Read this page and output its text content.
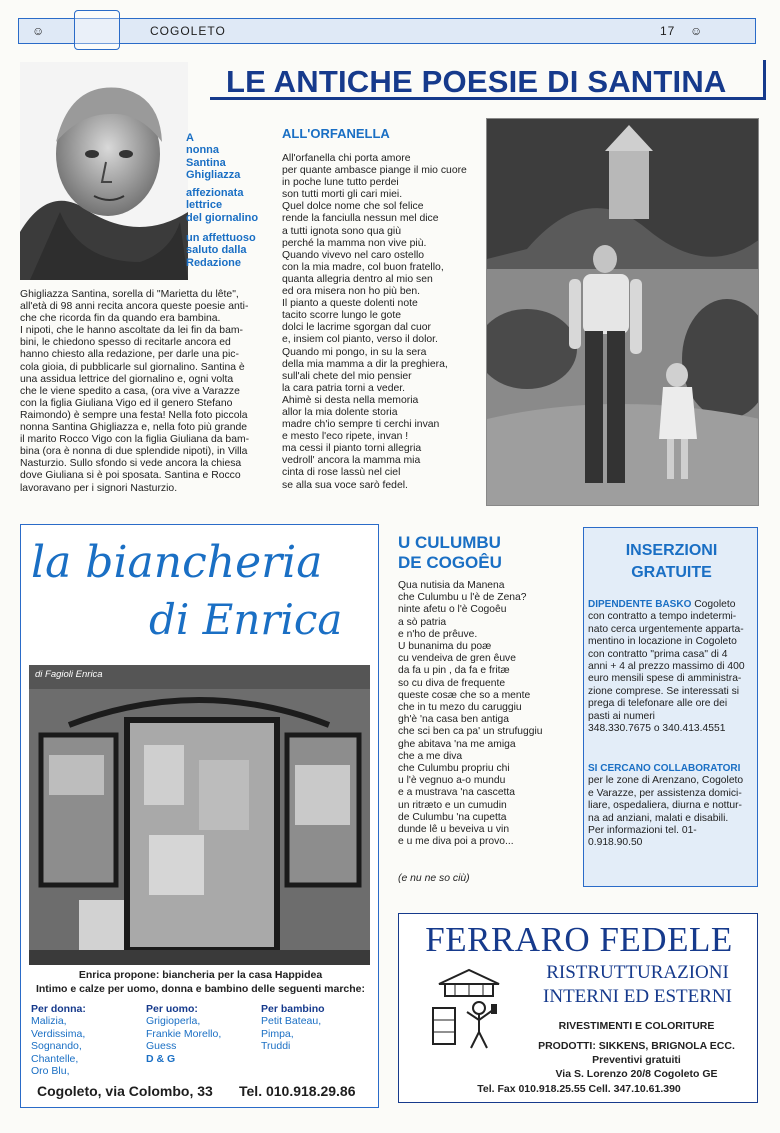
☺	COGOLETO	17 ☺
LE ANTICHE POESIE DI SANTINA
A
nonna
Santina
Ghigliazza
affezionata
lettrice
del giornalino
un affettuoso
saluto dalla
Redazione
Ghigliazza Santina, sorella di "Marietta du lête",
all'età di 98 anni recita ancora queste poesie anti-
che che ricorda fin da quando era bambina.
I nipoti, che le hanno ascoltate da lei fin da bam-
bini, le chiedono spesso di recitarle ancora ed
hanno chiesto alla redazione, per darle una pic-
cola gioia, di pubblicarle sul giornalino. Santina è
una assidua lettrice del giornalino e, ogni volta
che le viene spedito a casa, (ora vive a Varazze
con la figlia Giuliana Vigo ed il genero Stefano
Raimondo) è sempre una festa! Nella foto piccola
nonna Santina Ghigliazza e, nella foto più grande
il marito Rocco Vigo con la figlia Giuliana da bam-
bina (ora è nonna di due splendide nipoti), in Villa
Nasturzio. Sullo sfondo si vede ancora la chiesa
dove Giuliana si è poi sposata. Santina e Rocco
lavoravano per i signori Nasturzio.
ALL'ORFANELLA
All'orfanella chi porta amore
per quante ambasce piange il mio cuore
in poche lune tutto perdei
son tutti morti gli cari miei.
Quel dolce nome che sol felice
rende la fanciulla nessun mel dice
a tutti ignota sono qua giù
perché la mamma non vive più.
Quando vivevo nel caro ostello
con la mia madre, col buon fratello,
quanta allegria dentro al mio sen
ed ora misera non ho più ben.
Il pianto a queste dolenti note
tacito scorre lungo le gote
dolci le lacrime sgorgan dal cuor
e, insiem col pianto, verso il dolor.
Quando mi pongo, in su la sera
della mia mamma a dir la preghiera,
sull'ali chete del mio pensier
la cara patria torni a veder.
Ahimè si desta nella memoria
allor la mia dolente storia
madre ch'io sempre ti cerchi invan
e mesto l'eco ripete, invan !
ma cessi il pianto torni allegria
vedroll' ancora la mamma mia
cinta di rose lassù nel ciel
se alla sua voce sarò fedel.
la biancheria
di Enrica
di Fagioli Enrica
Enrica propone: biancheria per la casa Happidea
Intimo e calze per uomo, donna e bambino delle seguenti marche:
Per donna:
Malizia,
Verdissima,
Sognando,
Chantelle,
Oro Blu,
Per uomo:
Grigioperla,
Frankie Morello,
Guess
D & G
Per bambino
Petit Bateau,
Pimpa,
Truddi
Cogoleto, via Colombo, 33 Tel. 010.918.29.86
U CULUMBU
DE COGOÊU
Qua nutisia da Manena
che Culumbu u l'è de Zena?
ninte afetu o l'è Cogoêu
a sò patria
e n'ho de prêuve.
U bunanima du poæ
cu vendeiva de gren êuve
da fa u pin , da fa e fritæ
so cu diva de frequente
queste cosæ che so a mente
che in tu mezo du caruggiu
gh'è 'na casa ben antiga
che sci ben ca pa' un strufuggiu
ghe abitava 'na me amiga
che a me diva
che Culumbu propriu chi
u l'è vegnuo a-o mundu
e a mustrava 'na cascetta
un ritræto e un cumudin
de Culumbu 'na cupetta
dunde lê u beveiva u vin
e u me diva poi a provo...
(e nu ne so ciù)
INSERZIONI
GRATUITE
DIPENDENTE BASKO Cogoleto
con contratto a tempo indetermi-
nato cerca urgentemente apparta-
mentino in locazione in Cogoleto
con contratto "prima casa" di 4
anni + 4 al prezzo massimo di 400
euro mensili spese di amministra-
zione comprese. Se interessati si
prega di telefonare alle ore dei
pasti ai numeri
348.330.7675 o 340.413.4551
SI CERCANO COLLABORATORI
per le zone di Arenzano, Cogoleto
e Varazze, per assistenza domici-
liare, ospedaliera, diurna e nottur-
na ad anziani, malati e disabili.
Per informazioni tel. 01-
0.918.90.50
FERRARO FEDELE
RISTRUTTURAZIONI
INTERNI ED ESTERNI
RIVESTIMENTI E COLORITURE
PRODOTTI: SIKKENS, BRIGNOLA ECC.
Preventivi gratuiti
Via S. Lorenzo 20/8 Cogoleto GE
Tel. Fax 010.918.25.55 Cell. 347.10.61.390
